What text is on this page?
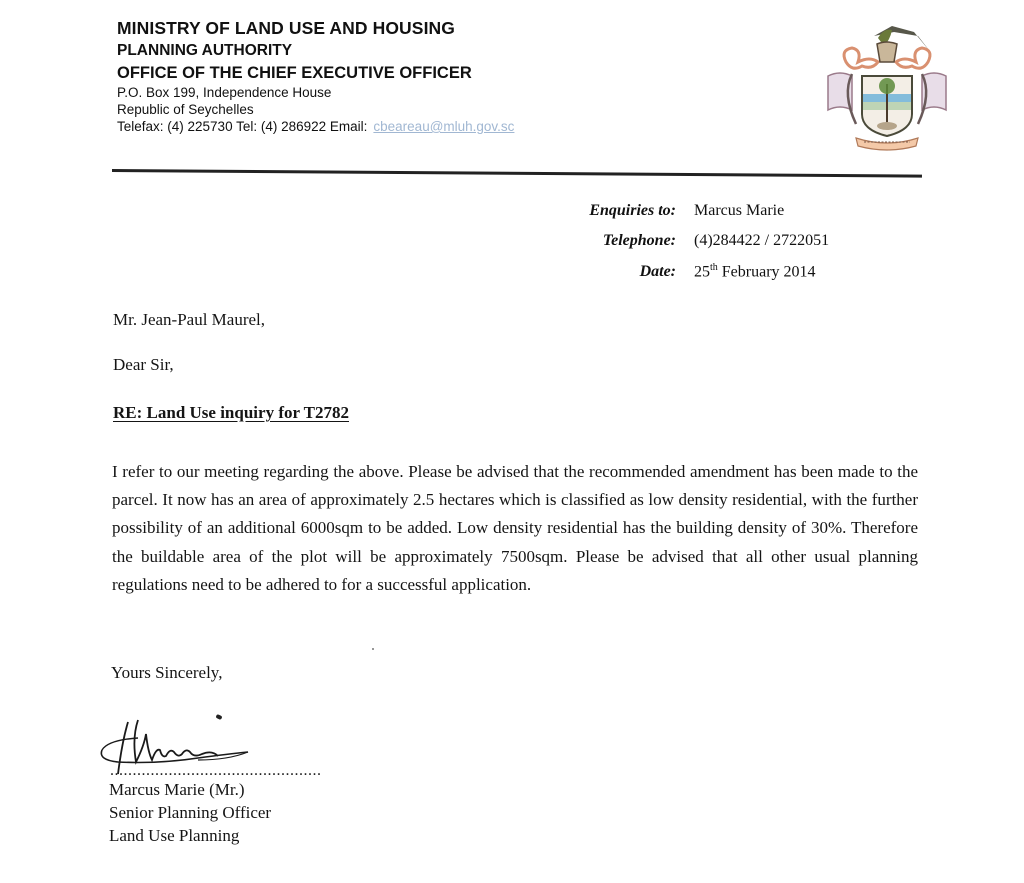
MINISTRY OF LAND USE AND HOUSING
PLANNING AUTHORITY
OFFICE OF THE CHIEF EXECUTIVE OFFICER
P.O. Box 199, Independence House
Republic of Seychelles
Telefax: (4) 225730 Tel: (4) 286922 Email: cbeareau@mluh.gov.sc
Enquiries to: Marcus Marie
Telephone: (4)284422 / 2722051
Date: 25th February 2014
Mr. Jean-Paul Maurel,
Dear Sir,
RE: Land Use inquiry for T2782
I refer to our meeting regarding the above. Please be advised that the recommended amendment has been made to the parcel. It now has an area of approximately 2.5 hectares which is classified as low density residential, with the further possibility of an additional 6000sqm to be added. Low density residential has the building density of 30%. Therefore the buildable area of the plot will be approximately 7500sqm. Please be advised that all other usual planning regulations need to be adhered to for a successful application.
Yours Sincerely,
...............................................
Marcus Marie (Mr.)
Senior Planning Officer
Land Use Planning
